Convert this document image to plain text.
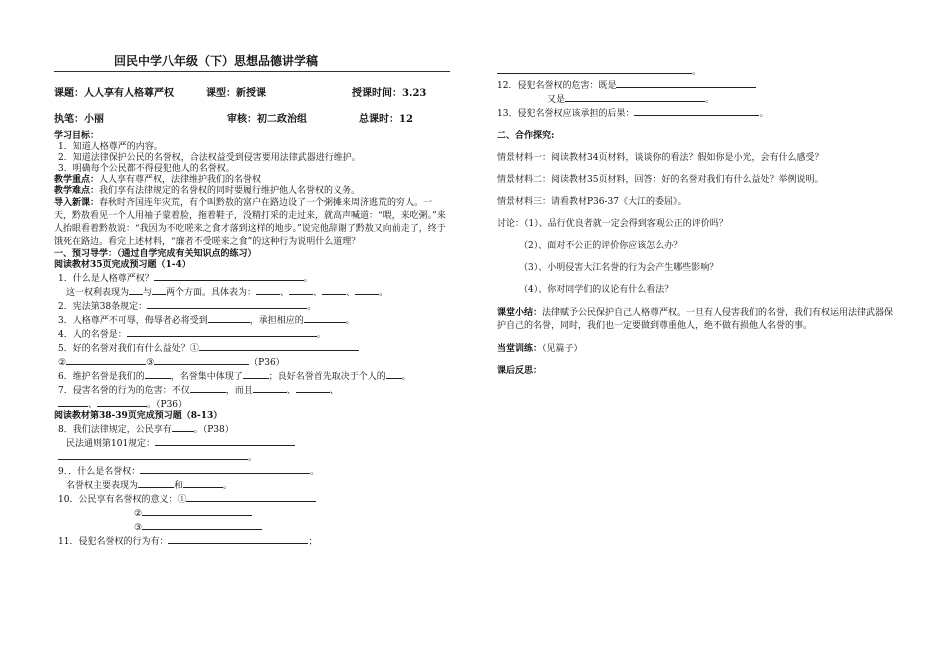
回民中学八年级（下）思想品德讲学稿
课题：人人享有人格尊严权	课型：新授课	授课时间：3.23
执笔：小丽	审核：初二政治组	总课时：12

学习目标：

1．知道人格尊严的内容。

2．知道法律保护公民的名誉权，合法权益受到侵害要用法律武器进行维护。

3．明确每个公民都不得侵犯他人的名誉权。

教学重点：人人享有尊严权，法律维护我们的名誉权

教学难点：我们享有法律规定的名誉权的同时要履行维护他人名誉权的义务。

导入新课：春秋时齐国连年灾荒，有个叫黔敖的富户在路边设了一个粥摊来周济逃荒的穷人。一天，黔敖看见一个人用袖子蒙着脸，拖着鞋子，没精打采的走过来，就高声喊道：“喂，来吃粥。”来人抬眼看着黔敖说：“我因为不吃嗟来之食才落到这样的地步。”说完他辞谢了黔敖又向前走了，终于饿死在路边。看完上述材料，“廉者不受嗟来之食”的这种行为说明什么道理？

一、预习导学：（通过自学完成有关知识点的练习）

阅读教材35页完成预习题（1-4）

1．什么是人格尊严权？	。

这一权利表现为 与 两个方面。具体表为：	、	、	、	。

2．宪法第38条规定：	。

3．人格尊严不可辱，侮辱者必将受到	，承担相应的	。

4．人的名誉是：	。

5．好的名誉对我们有什么益处？①

②	③	（P36）

6．维护名誉是我们的	，名誉集中体现了	；良好名誉首先取决于个人的 。

7．侵害名誉的行为的危害：不仅	，而且	、	、

、	。（P36）

阅读教材第38-39页完成预习题（8-13）

8．我们法律规定，公民享有 。（P38）

民法通则第101规定：

。

9．．什么是名誉权：	。

名誉权主要表现为	和	。

10．公民享有名誉权的意义：①

②

③

11．侵犯名誉权的行为有：	；

。

12．侵犯名誉权的危害：既是

又是	。

13．侵犯名誉权应该承担的后果：	。

二、合作探究:

情景材料一：阅读教材34页材料，谈谈你的看法？假如你是小光，会有什么感受？

情景材料二：阅读教材35页材料，回答：好的名誉对我们有什么益处？举例说明。

情景材料三：请看教材P36-37《大江的委屈》。

讨论：（1）、品行优良者就一定会得到客观公正的评价吗？

（2）、面对不公正的评价你应该怎么办？

（3）、小明侵害大江名誉的行为会产生哪些影响？

（4）、你对同学们的议论有什么看法？

课堂小结：法律赋予公民保护自己人格尊严权。一旦有人侵害我们的名誉，我们有权运用法律武器保护自己的名誉，同时，我们也一定要做到尊重他人，绝不做有损他人名誉的事。

当堂训练：（见篇子）

课后反思：
